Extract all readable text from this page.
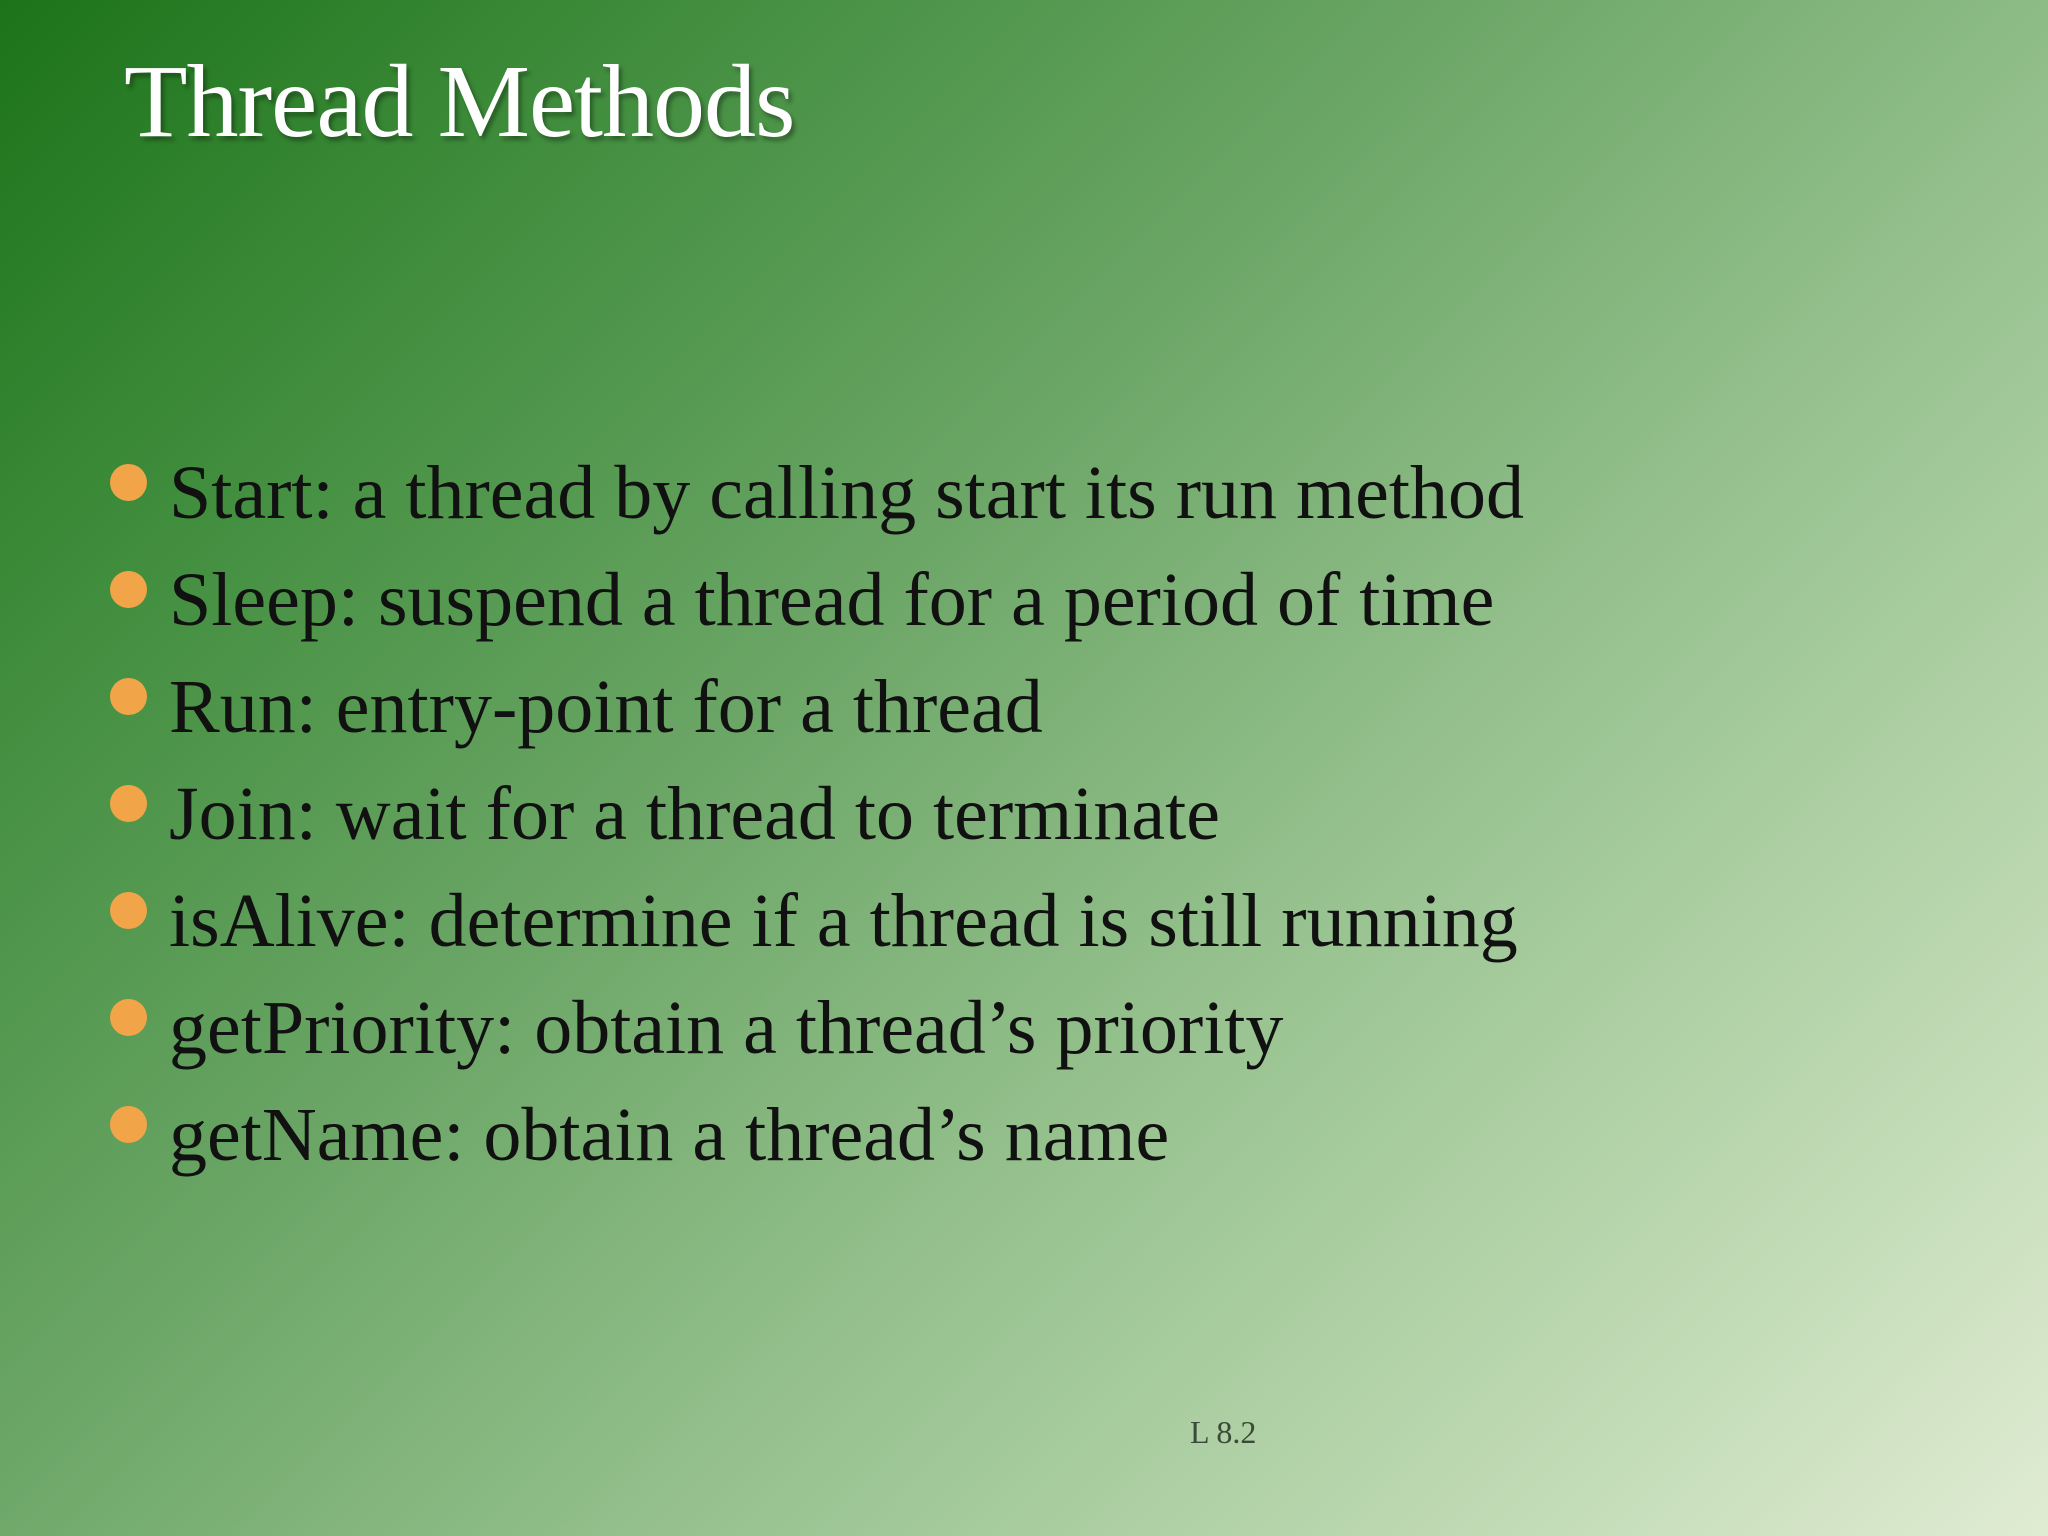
Thread Methods
Start: a thread by calling start its run method
Sleep: suspend a thread for a period of time
Run: entry-point for a thread
Join: wait for a thread to terminate
isAlive: determine if a thread is still running
getPriority: obtain a thread’s priority
getName: obtain a thread’s name
L 8.2
